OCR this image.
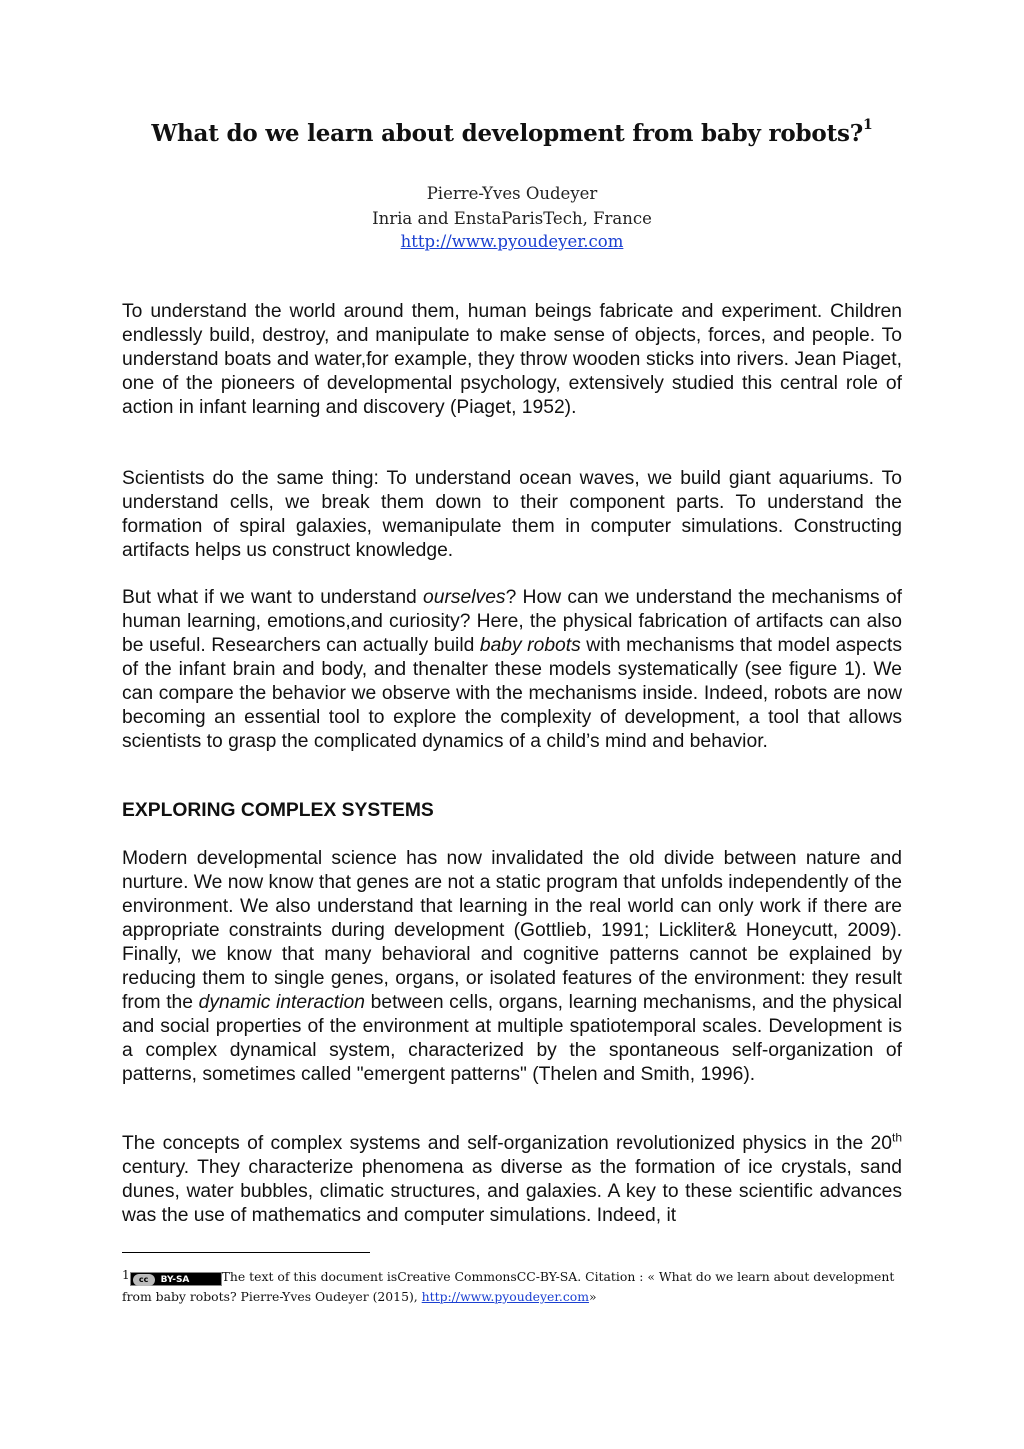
What do we learn about development from baby robots?$^1$
Pierre-Yves Oudeyer
Inria and EnstaParisTech, France
http://www.pyoudeyer.com

To understand the world around them, human beings fabricate and experiment. Children endlessly build, destroy, and manipulate to make sense of objects, forces, and people. To understand boats and water,for example, they throw wooden sticks into rivers. Jean Piaget, one of the pioneers of developmental psychology, extensively studied this central role of action in infant learning and discovery (Piaget, 1952).

Scientists do the same thing: To understand ocean waves, we build giant aquariums. To understand cells, we break them down to their component parts. To understand the formation of spiral galaxies, wemanipulate them in computer simulations. Constructing artifacts helps us construct knowledge.

But what if we want to understand ourselves? How can we understand the mechanisms of human learning, emotions,and curiosity? Here, the physical fabrication of artifacts can also be useful. Researchers can actually build baby robots with mechanisms that model aspects of the infant brain and body, and thenalter these models systematically (see figure 1). We can compare the behavior we observe with the mechanisms inside. Indeed, robots are now becoming an essential tool to explore the complexity of development, a tool that allows scientists to grasp the complicated dynamics of a child’s mind and behavior.

EXPLORING COMPLEX SYSTEMS

Modern developmental science has now invalidated the old divide between nature and nurture. We now know that genes are not a static program that unfolds independently of the environment. We also understand that learning in the real world can only work if there are appropriate constraints during development (Gottlieb, 1991; Lickliter& Honeycutt, 2009). Finally, we know that many behavioral and cognitive patterns cannot be explained by reducing them to single genes, organs, or isolated features of the environment: they result from the dynamic interaction between cells, organs, learning mechanisms, and the physical and social properties of the environment at multiple spatiotemporal scales. Development is a complex dynamical system, characterized by the spontaneous self-organization of patterns, sometimes called "emergent patterns" (Thelen and Smith, 1996).

The concepts of complex systems and self-organization revolutionized physics in the 20th century. They characterize phenomena as diverse as the formation of ice crystals, sand dunes, water bubbles, climatic structures, and galaxies. A key to these scientific advances was the use of mathematics and computer simulations. Indeed, it

1 cc BY-SA	The text of this document isCreative CommonsCC-BY-SA. Citation : « What do we learn about development from baby robots? Pierre-Yves Oudeyer (2015), http://www.pyoudeyer.com»
